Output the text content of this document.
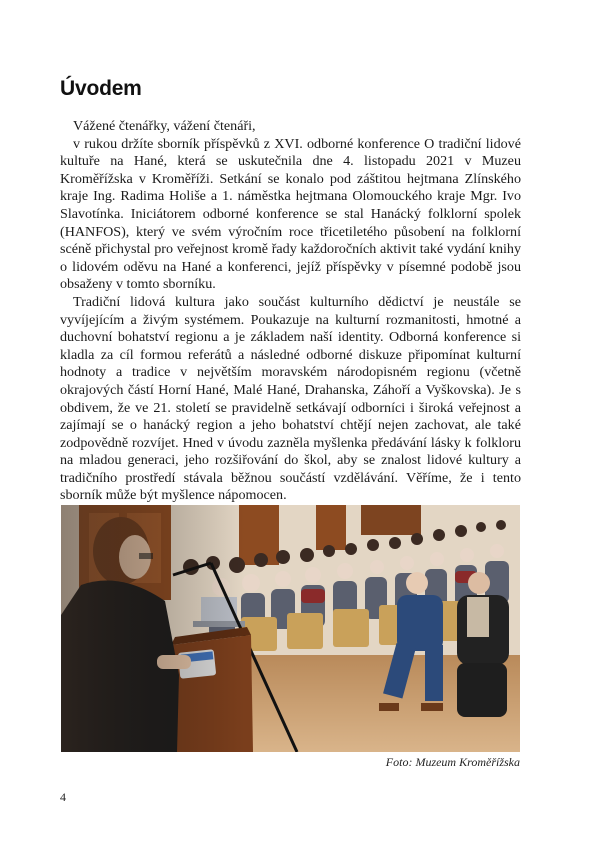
Úvodem

Vážené čtenářky, vážení čtenáři,

v rukou držíte sborník příspěvků z XVI. odborné konference O tradiční lidové kultuře na Hané, která se uskutečnila dne 4. listopadu 2021 v Muzeu Kroměřížska v Kroměříži. Setkání se konalo pod záštitou hejtmana Zlínského kraje Ing. Radima Holiše a 1. náměstka hejtmana Olomouckého kraje Mgr. Ivo Slavotínka. Iniciátorem odborné konference se stal Hanácký folklorní spolek (HANFOS), který ve svém výročním roce třicetiletého působení na folklorní scéně přichystal pro veřejnost kromě řady každoročních aktivit také vydání knihy o lidovém oděvu na Hané a konferenci, jejíž příspěvky v písemné podobě jsou obsaženy v tomto sborníku.

Tradiční lidová kultura jako součást kulturního dědictví je neustále se vyvíjejícím a živým systémem. Poukazuje na kulturní rozmanitosti, hmotné a duchovní bohatství regionu a je základem naší identity. Odborná konference si kladla za cíl formou referátů a následné odborné diskuze připomínat kulturní hodnoty a tradice v největším moravském národopisném regionu (včetně okrajových částí Horní Hané, Malé Hané, Drahanska, Záhoří a Vyškovska). Je s obdivem, že ve 21. století se pravidelně setkávají odborníci i široká veřejnost a zajímají se o hanácký region a jeho bohatství chtějí nejen zachovat, ale také zodpovědně rozvíjet. Hned v úvodu zazněla myšlenka předávání lásky k folkloru na mladou generaci, jeho rozšiřování do škol, aby se znalost lidové kultury a tradičního prostředí stávala běžnou součástí vzdělávání. Věříme, že i tento sborník může být myšlence nápomocen.

Foto: Muzeum Kroměřížska
4
